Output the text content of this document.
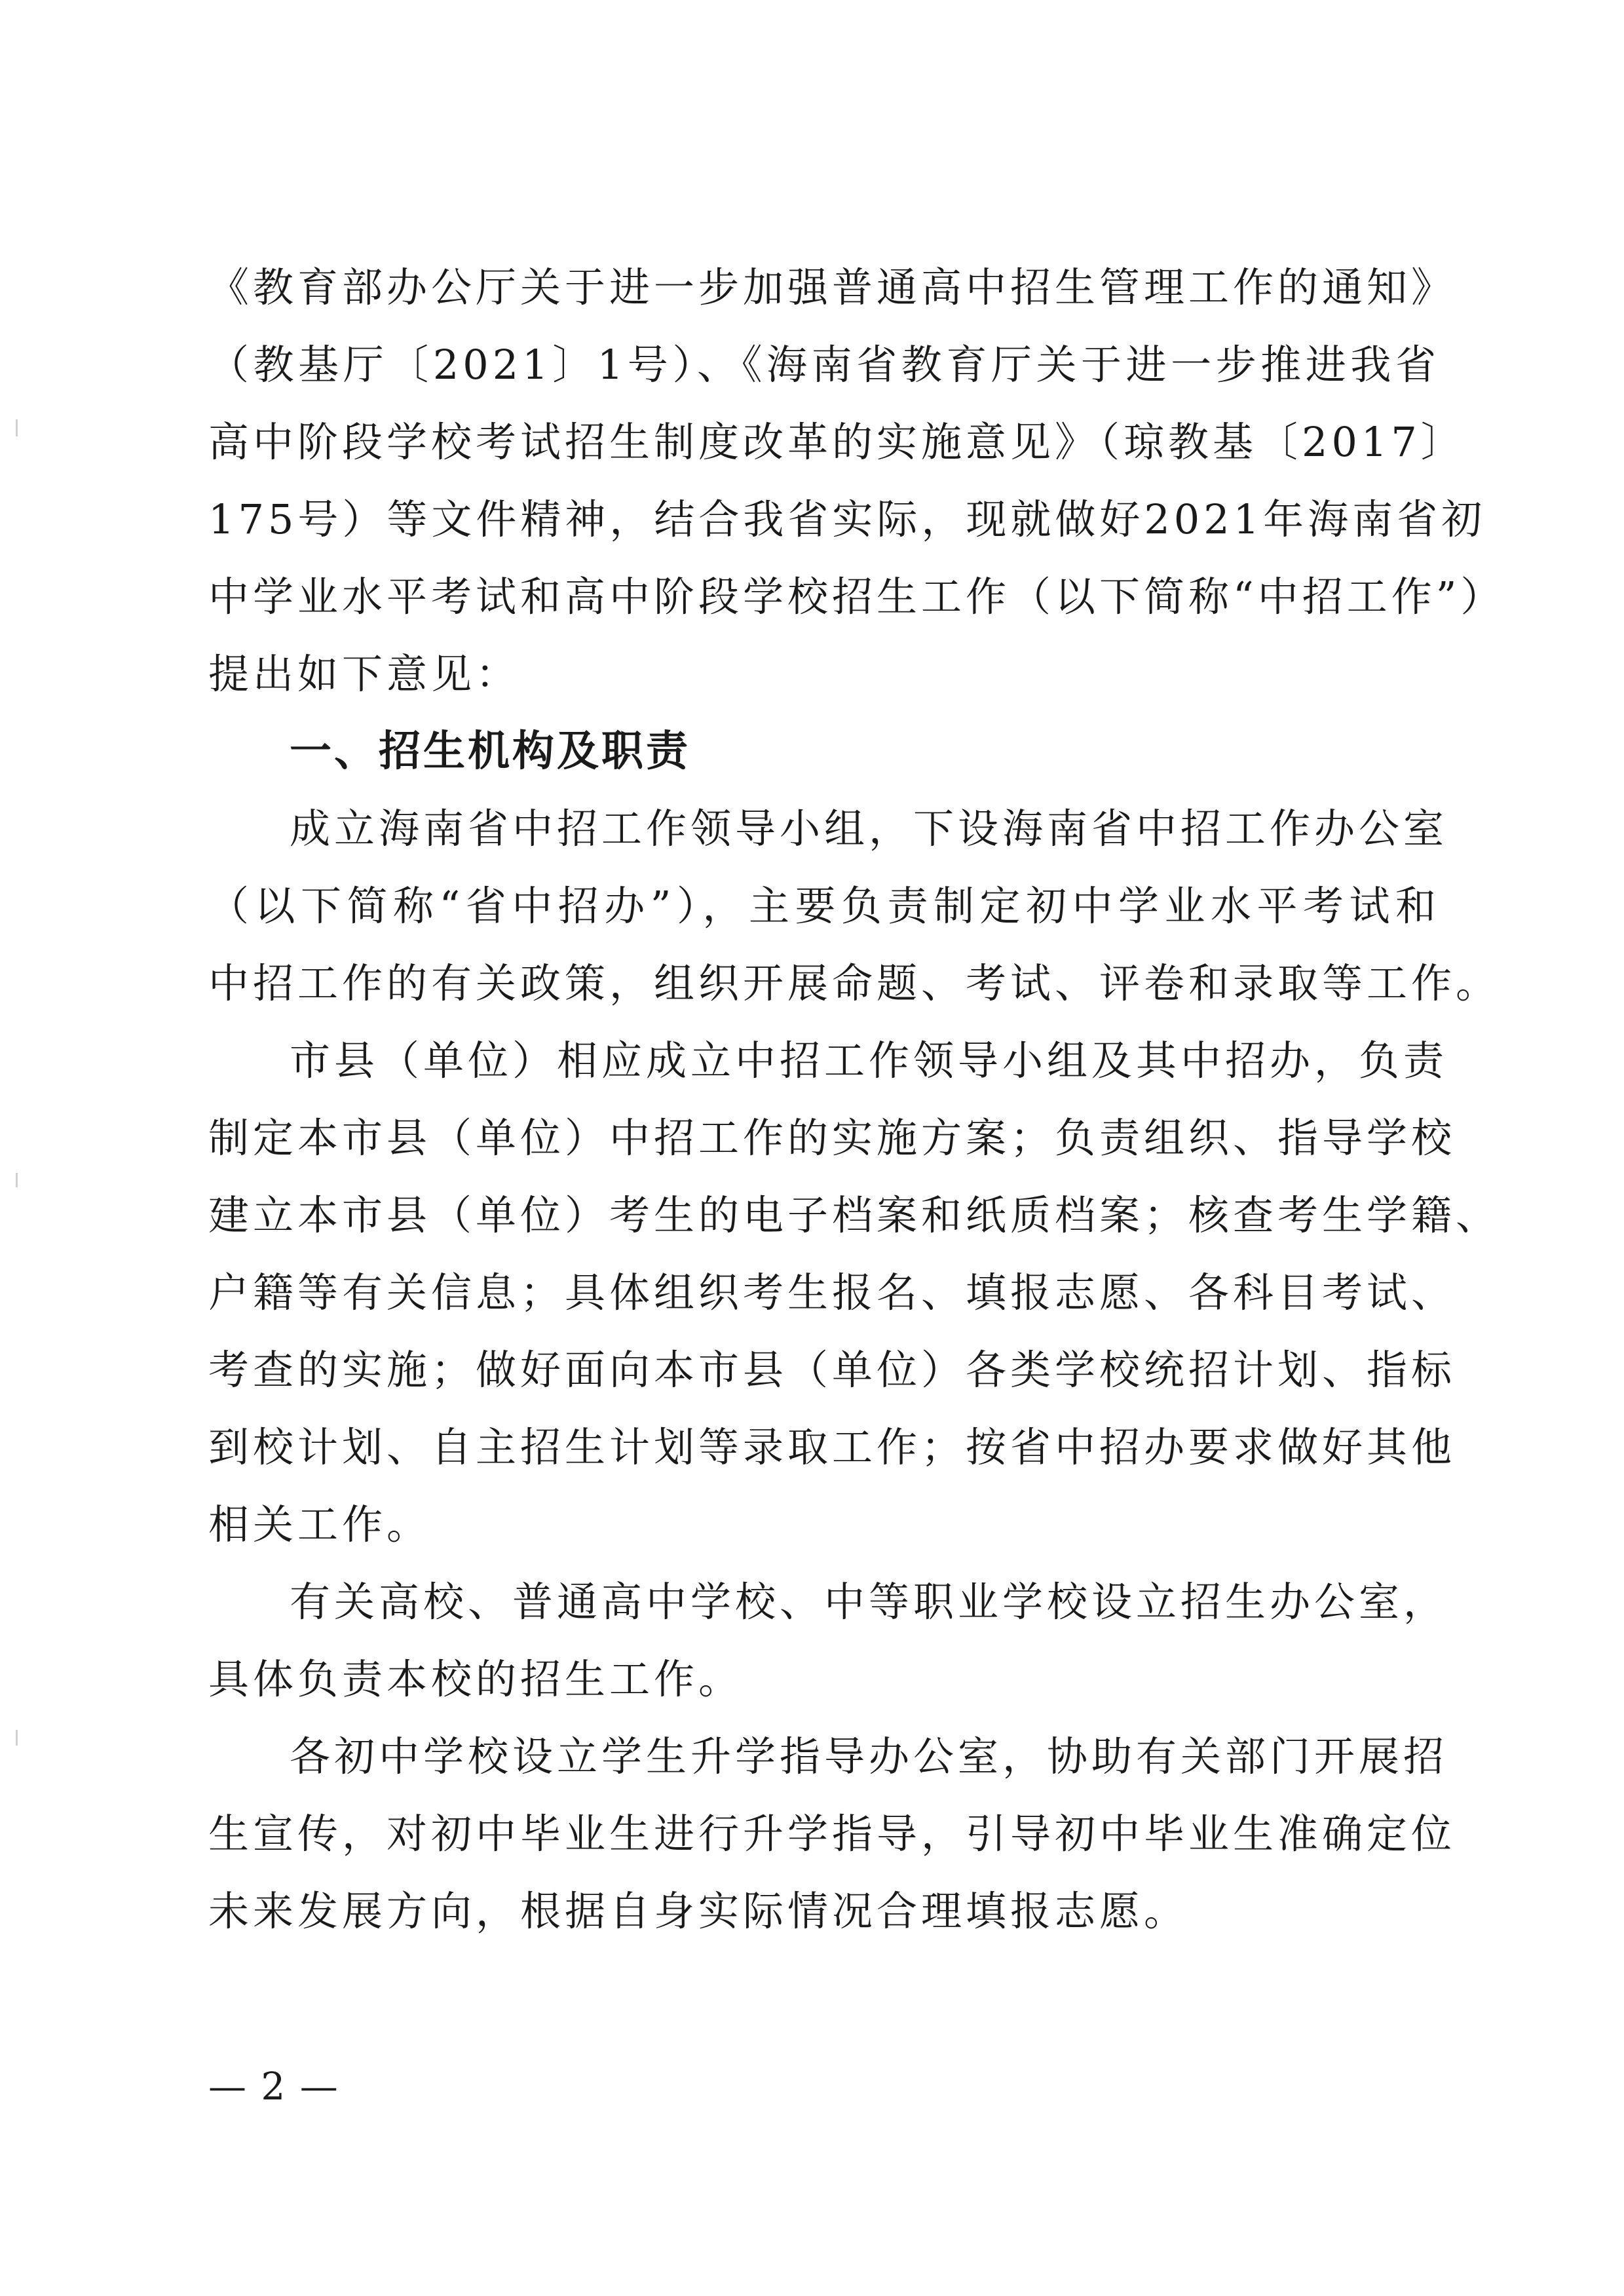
《教育部办公厅关于进一步加强普通高中招生管理工作的通知》
（教基厅〔2021〕1号）、《海南省教育厅关于进一步推进我省
高中阶段学校考试招生制度改革的实施意见》（琼教基〔2017〕
175号）等文件精神，结合我省实际，现就做好2021年海南省初
中学业水平考试和高中阶段学校招生工作（以下简称“中招工作”）
提出如下意见：
一、招生机构及职责
成立海南省中招工作领导小组，下设海南省中招工作办公室
（以下简称“省中招办”），主要负责制定初中学业水平考试和
中招工作的有关政策，组织开展命题、考试、评卷和录取等工作。
市县（单位）相应成立中招工作领导小组及其中招办，负责
制定本市县（单位）中招工作的实施方案；负责组织、指导学校
建立本市县（单位）考生的电子档案和纸质档案；核查考生学籍、
户籍等有关信息；具体组织考生报名、填报志愿、各科目考试、
考查的实施；做好面向本市县（单位）各类学校统招计划、指标
到校计划、自主招生计划等录取工作；按省中招办要求做好其他
相关工作。
有关高校、普通高中学校、中等职业学校设立招生办公室，
具体负责本校的招生工作。
各初中学校设立学生升学指导办公室，协助有关部门开展招
生宣传，对初中毕业生进行升学指导，引导初中毕业生准确定位
未来发展方向，根据自身实际情况合理填报志愿。
— 2 —
